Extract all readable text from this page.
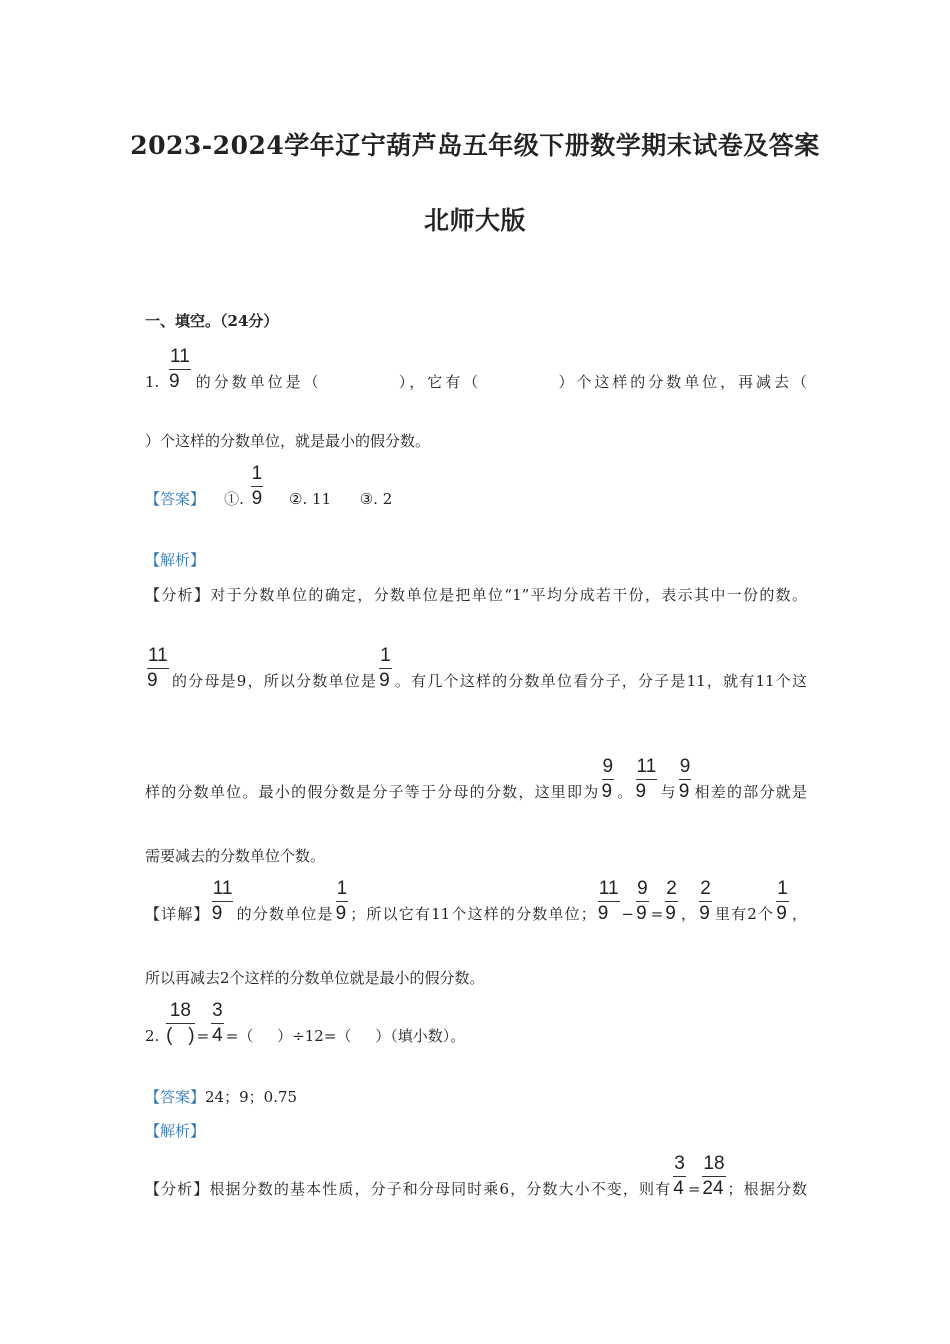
2023-2024学年辽宁葫芦岛五年级下册数学期末试卷及答案
北师大版
一、填空。（24分）
1. $\frac{11}{9}$ 的分数单位是（          ），它有（          ）个这样的分数单位，再减去（
）个这样的分数单位，就是最小的假分数。
【答案】    ①. $\frac{1}{9}$ ②. 11      ③. 2
【解析】
【分析】对于分数单位的确定，分数单位是把单位“1”平均分成若干份，表示其中一份的数。
$\frac{11}{9}$ 的分母是9，所以分数单位是 $\frac{1}{9}$ 。有几个这样的分数单位看分子，分子是11，就有11个这
样的分数单位。最小的假分数是分子等于分母的分数，这里即为 $\frac{9}{9}$ 。 $\frac{11}{9}$ 与 $\frac{9}{9}$ 相差的部分就是
需要减去的分数单位个数。
【详解】 $\frac{11}{9}$ 的分数单位是 $\frac{1}{9}$ ；所以它有11个这样的分数单位； $\frac{11}{9} - \frac{9}{9} = \frac{2}{9}$ ， $\frac{2}{9}$ 里有2个 $\frac{1}{9}$ ，
所以再减去2个这样的分数单位就是最小的假分数。
2. $\frac{18}{( )} = \frac{3}{4}$ =（     ）÷12=（     ）（填小数）。
【答案】24；9；0.75
【解析】
【分析】根据分数的基本性质，分子和分母同时乘6，分数大小不变，则有 $\frac{3}{4} = \frac{18}{24}$ ；根据分数
